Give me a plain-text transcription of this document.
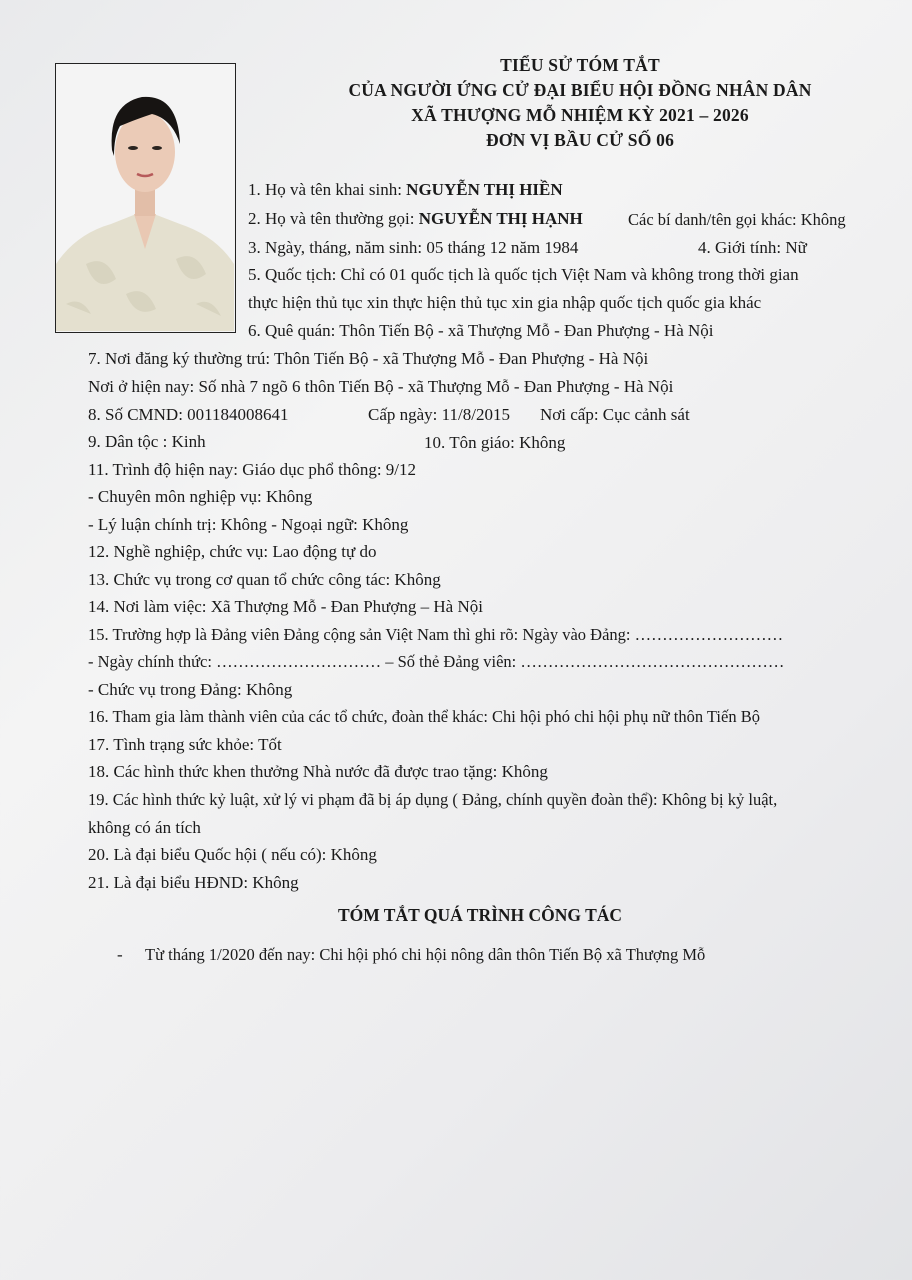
TIỂU SỬ TÓM TẮT
CỦA NGƯỜI ỨNG CỬ ĐẠI BIỂU HỘI ĐỒNG NHÂN DÂN
XÃ THƯỢNG MỖ NHIỆM KỲ 2021 – 2026
ĐƠN VỊ BẦU CỬ SỐ 06
1. Họ và tên khai sinh: NGUYỄN THỊ HIỀN
2. Họ và tên thường gọi: NGUYỄN THỊ HẠNH	Các bí danh/tên gọi khác: Không
3. Ngày, tháng, năm sinh: 05 tháng 12 năm 1984	4. Giới tính: Nữ
5. Quốc tịch: Chỉ có 01 quốc tịch là quốc tịch Việt Nam và không trong thời gian
thực hiện thủ tục xin thực hiện thủ tục xin gia nhập quốc tịch quốc gia khác
6. Quê quán: Thôn Tiến Bộ - xã Thượng Mỗ - Đan Phượng - Hà Nội
7. Nơi đăng ký thường trú: Thôn Tiến Bộ - xã Thượng Mỗ - Đan Phượng - Hà Nội
Nơi ở hiện nay: Số nhà 7 ngõ 6 thôn Tiến Bộ - xã Thượng Mỗ - Đan Phượng - Hà Nội
8. Số CMND: 001184008641	Cấp ngày: 11/8/2015 Nơi cấp: Cục cảnh sát
9. Dân tộc : Kinh	10. Tôn giáo: Không
11. Trình độ hiện nay: Giáo dục phổ thông: 9/12
- Chuyên môn nghiệp vụ: Không
- Lý luận chính trị: Không - Ngoại ngữ: Không
12. Nghề nghiệp, chức vụ: Lao động tự do
13. Chức vụ trong cơ quan tổ chức công tác: Không
14. Nơi làm việc: Xã Thượng Mỗ - Đan Phượng – Hà Nội
15. Trường hợp là Đảng viên Đảng cộng sản Việt Nam thì ghi rõ: Ngày vào Đảng: ………………………
- Ngày chính thức: ………………………… – Số thẻ Đảng viên: …………………………………………
- Chức vụ trong Đảng: Không
16. Tham gia làm thành viên của các tổ chức, đoàn thể khác: Chi hội phó chi hội phụ nữ thôn Tiến Bộ
17. Tình trạng sức khỏe: Tốt
18. Các hình thức khen thưởng Nhà nước đã được trao tặng: Không
19. Các hình thức kỷ luật, xử lý vi phạm đã bị áp dụng ( Đảng, chính quyền đoàn thể): Không bị kỷ luật,
không có án tích
20. Là đại biểu Quốc hội ( nếu có): Không
21. Là đại biểu HĐND: Không
TÓM TẮT QUÁ TRÌNH CÔNG TÁC
- Từ tháng 1/2020 đến nay: Chi hội phó chi hội nông dân thôn Tiến Bộ xã Thượng Mỗ
